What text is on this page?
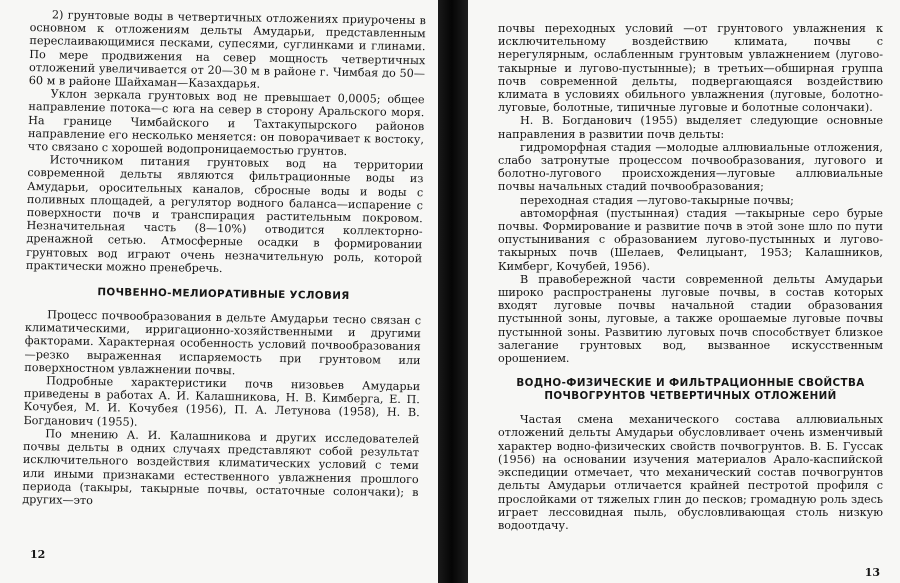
2) грунтовые воды в четвертичных отложениях приурочены в основном к отложениям дельты Амударьи, представленным переслаивающимися песками, супесями, суглинками и глинами. По мере продвижения на север мощность четвертичных отложений увеличивается от 20—30 м в районе г. Чимбая до 50—60 м в районе Шайхаман—Казахдарья.

Уклон зеркала грунтовых вод не превышает 0,0005; общее направление потока—с юга на север в сторону Аральского моря. На границе Чимбайского и Тахтакупырского районов направление его несколько меняется: он поворачивает к востоку, что связано с хорошей водопроницаемостью грунтов.

Источником питания грунтовых вод на территории современной дельты являются фильтрационные воды из Амударьи, оросительных каналов, сбросные воды и воды с поливных площадей, а регулятор водного баланса—испарение с поверхности почв и транспирация растительным покровом. Незначительная часть (8—10%) отводится коллекторно-дренажной сетью. Атмосферные осадки в формировании грунтовых вод играют очень незначительную роль, которой практически можно пренебречь.

ПОЧВЕННО-МЕЛИОРАТИВНЫЕ УСЛОВИЯ

Процесс почвообразования в дельте Амударьи тесно связан с климатическими, ирригационно-хозяйственными и другими факторами. Характерная особенность условий почвообразования—резко выраженная испаряемость при грунтовом или поверхностном увлажнении почвы.

Подробные характеристики почв низовьев Амударьи приведены в работах А. И. Калашникова, Н. В. Кимберга, Е. П. Кочубея, М. И. Кочубея (1956), П. А. Летунова (1958), Н. В. Богданович (1955).

По мнению А. И. Калашникова и других исследователей почвы дельты в одних случаях представляют собой результат исключительного воздействия климатических условий с теми или иными признаками естественного увлажнения прошлого периода (такыры, такырные почвы, остаточные солончаки); в других—это

12

почвы переходных условий —от грунтового увлажнения к исключительному воздействию климата, почвы с нерегулярным, ослабленным грунтовым увлажнением (лугово-такырные и лугово-пустынные); в третьих—обширная группа почв современной дельты, подвергающаяся воздействию климата в условиях обильного увлажнения (луговые, болотно-луговые, болотные, типичные луговые и болотные солончаки).

Н. В. Богданович (1955) выделяет следующие основные направления в развитии почв дельты:

гидроморфная стадия —молодые аллювиальные отложения, слабо затронутые процессом почвообразования, лугового и болотно-лугового происхождения—луговые аллювиальные почвы начальных стадий почвообразования;

переходная стадия —лугово-такырные почвы;

автоморфная (пустынная) стадия —такырные серо бурые почвы. Формирование и развитие почв в этой зоне шло по пути опустынивания с образованием лугово-пустынных и лугово-такырных почв (Шелаев, Фелицыант, 1953; Калашников, Кимберг, Кочубей, 1956).

В правобережной части современной дельты Амударьи широко распространены луговые почвы, в состав которых входят луговые почвы начальной стадии образования пустынной зоны, луговые, а также орошаемые луговые почвы пустынной зоны. Развитию луговых почв способствует близкое залегание грунтовых вод, вызванное искусственным орошением.

ВОДНО-ФИЗИЧЕСКИЕ И ФИЛЬТРАЦИОННЫЕ СВОЙСТВА ПОЧВОГРУНТОВ ЧЕТВЕРТИЧНЫХ ОТЛОЖЕНИЙ

Частая смена механического состава аллювиальных отложений дельты Амударьи обусловливает очень изменчивый характер водно-физических свойств почвогрунтов. В. Б. Гуссак (1956) на основании изучения материалов Арало-каспийской экспедиции отмечает, что механический состав почвогрунтов дельты Амударьи отличается крайней пестротой профиля с прослойками от тяжелых глин до песков; громадную роль здесь играет лессовидная пыль, обусловливающая столь низкую водоотдачу.

13
